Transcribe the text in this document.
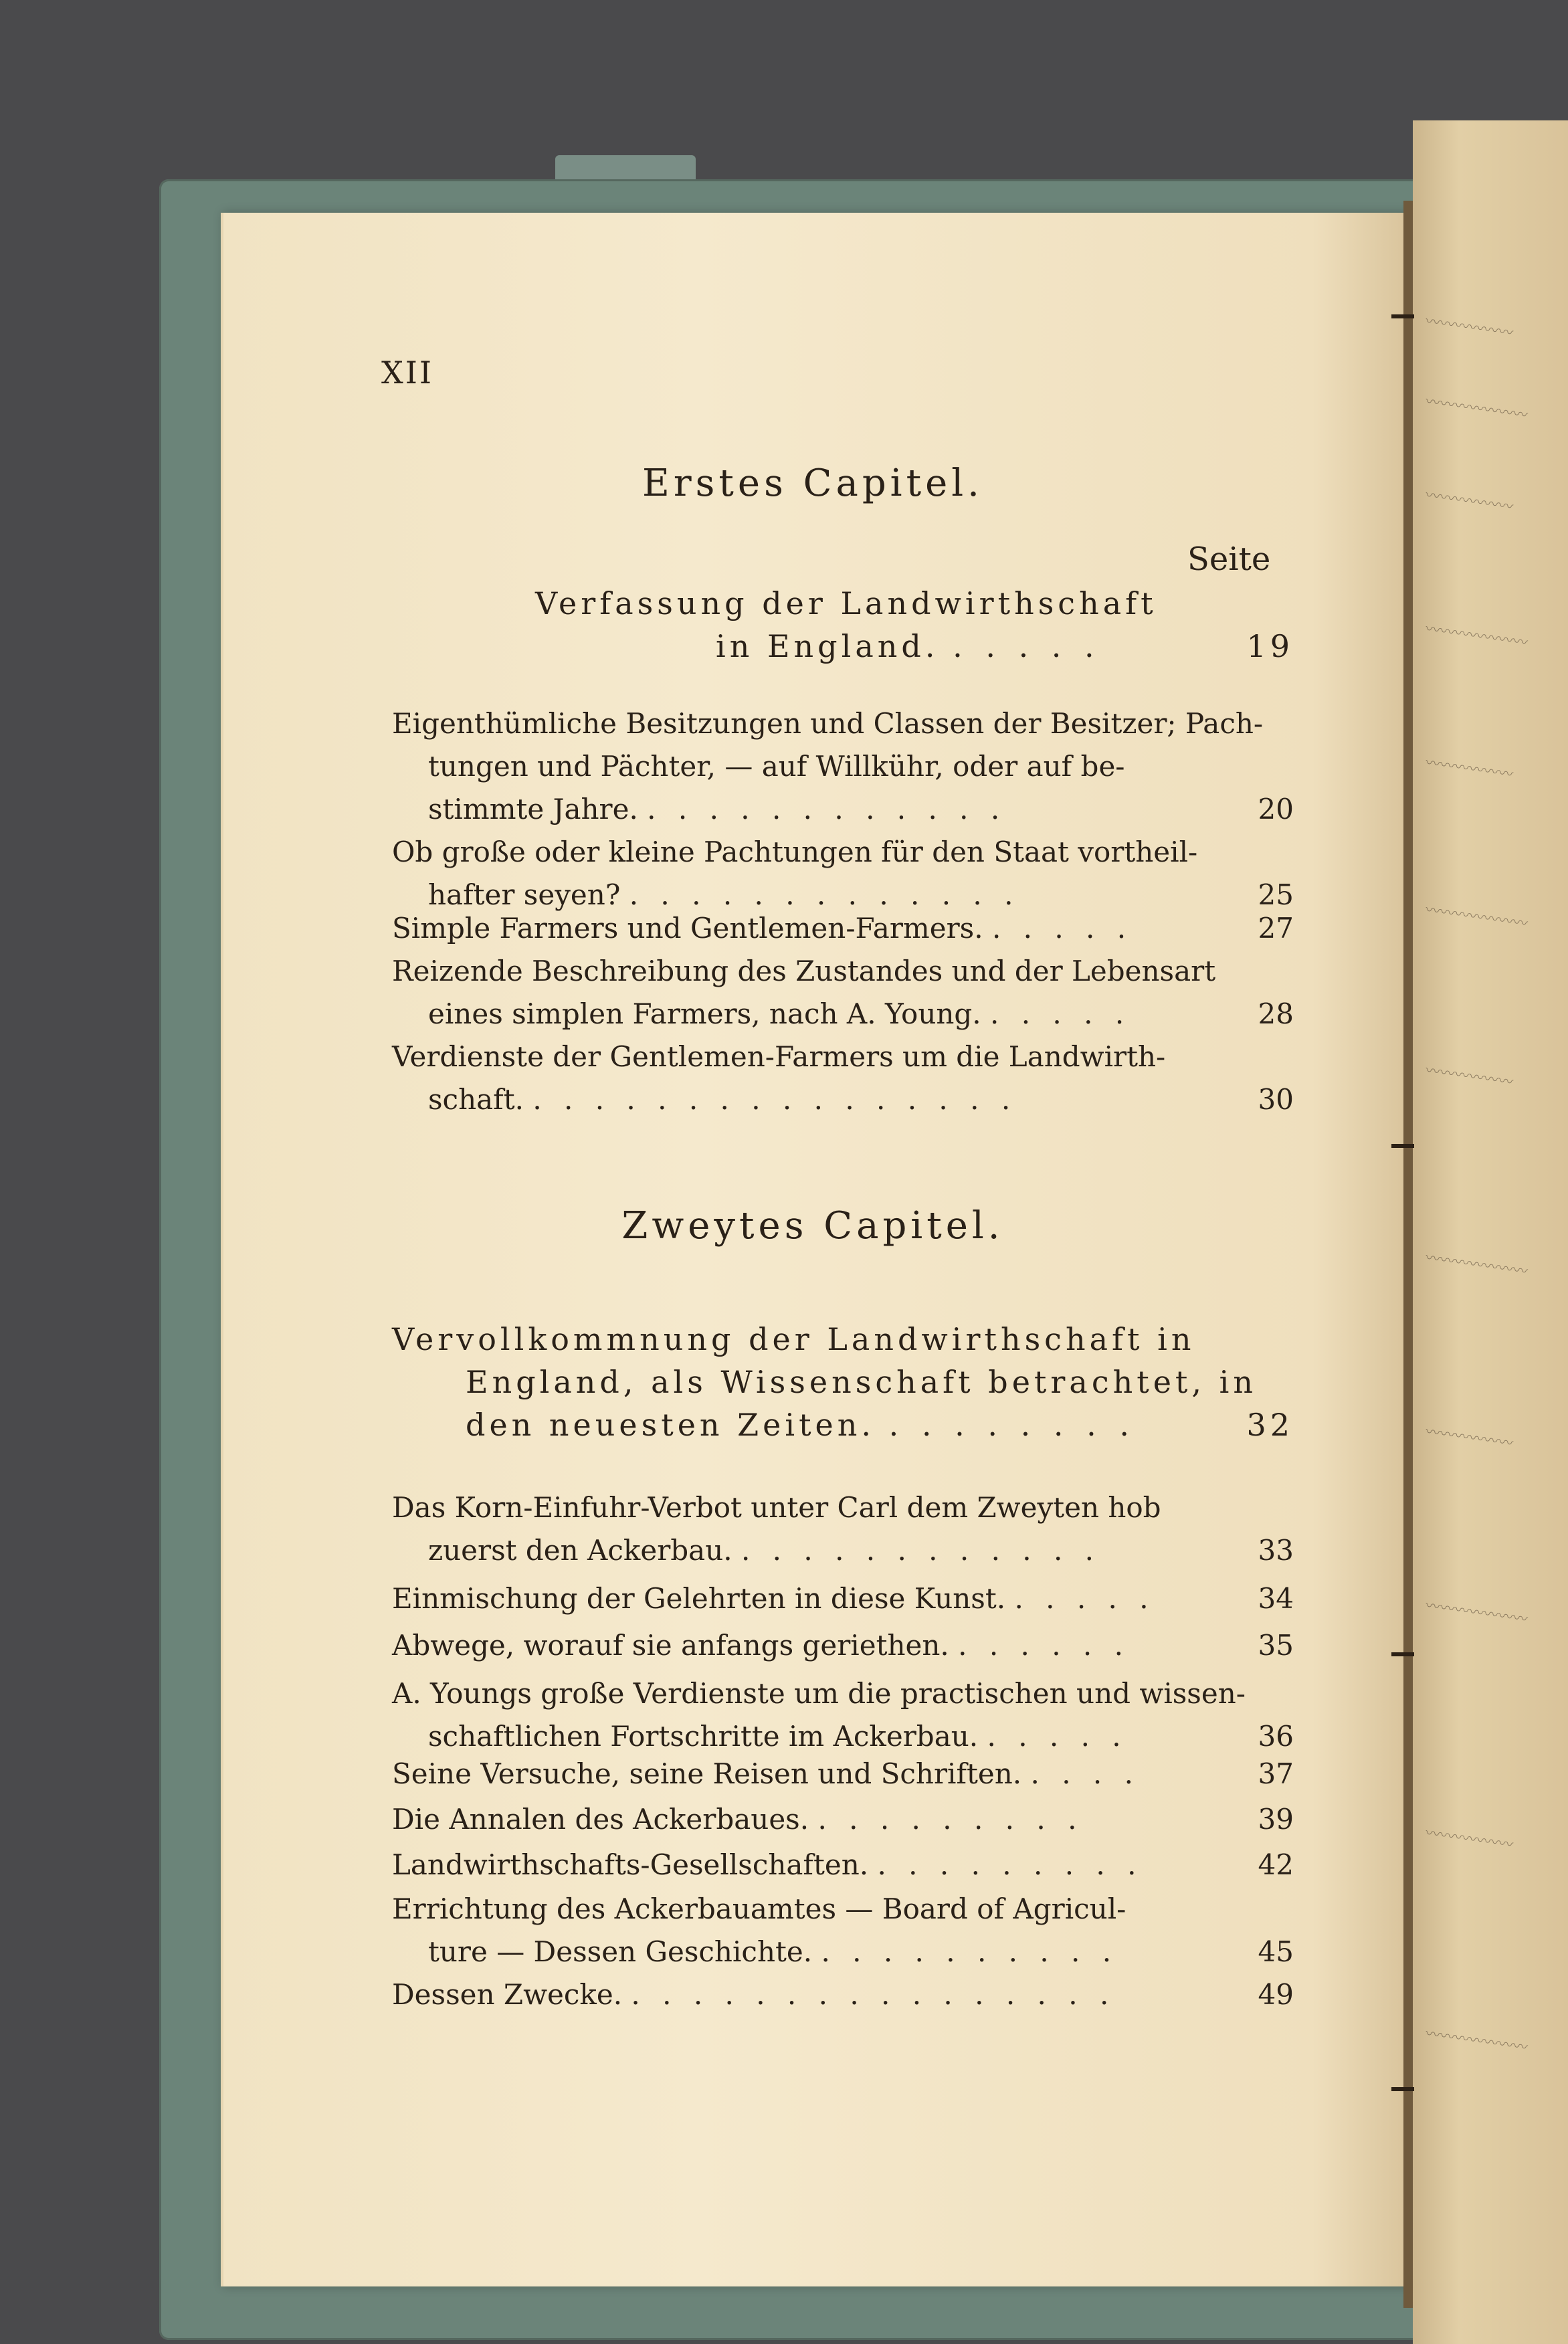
〰〰〰〰〰〰
〰〰〰〰〰〰〰
〰〰〰〰〰〰
〰〰〰〰〰〰〰
〰〰〰〰〰〰
〰〰〰〰〰〰〰
〰〰〰〰〰〰
〰〰〰〰〰〰〰
〰〰〰〰〰〰
〰〰〰〰〰〰〰
〰〰〰〰〰〰
〰〰〰〰〰〰〰
XII
Erstes Capitel.
Seite
Verfassung der Landwirthschaft
in England. . . . . .	19
Eigenthümliche Besitzungen und Classen der Besitzer; Pach-
tungen und Pächter, — auf Willkühr, oder auf be-
stimmte Jahre. . . . . . . . . . . . .	20
Ob große oder kleine Pachtungen für den Staat vortheil-
hafter seyen? . . . . . . . . . . . . .	25
Simple Farmers und Gentlemen-Farmers. . . . . .	27
Reizende Beschreibung des Zustandes und der Lebensart
eines simplen Farmers, nach A. Young. . . . . .	28
Verdienste der Gentlemen-Farmers um die Landwirth-
schaft. . . . . . . . . . . . . . . . .	30
Zweytes Capitel.
Vervollkommnung der Landwirthschaft in
England, als Wissenschaft betrachtet, in
den neuesten Zeiten. . . . . . . . .	32
Das Korn-Einfuhr-Verbot unter Carl dem Zweyten hob
zuerst den Ackerbau. . . . . . . . . . . . .	33
Einmischung der Gelehrten in diese Kunst. . . . . .	34
Abwege, worauf sie anfangs geriethen. . . . . . .	35
A. Youngs große Verdienste um die practischen und wissen-
schaftlichen Fortschritte im Ackerbau. . . . . .	36
Seine Versuche, seine Reisen und Schriften. . . . .	37
Die Annalen des Ackerbaues. . . . . . . . . .	39
Landwirthschafts-Gesellschaften. . . . . . . . . .	42
Errichtung des Ackerbauamtes — Board of Agricul-
ture — Dessen Geschichte. . . . . . . . . . .	45
Dessen Zwecke. . . . . . . . . . . . . . . . .	49
